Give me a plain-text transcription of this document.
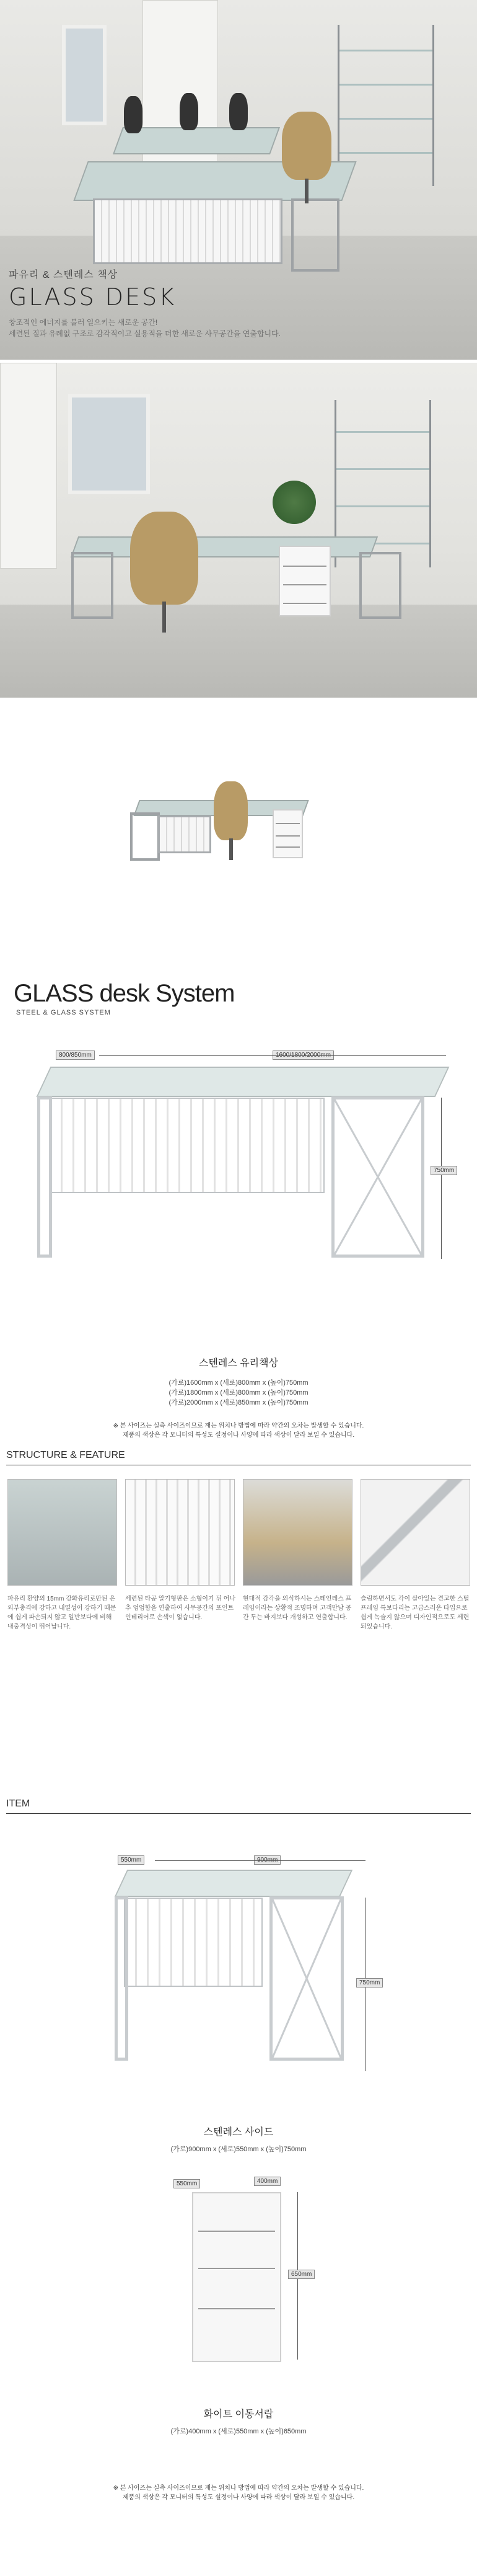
파유리 & 스텐레스 책상
GLASS DESK
창조적인 에너지를 불러 일으키는 새로운 공간!
세련된 질과 유례없 구조로 감각적이고 실용적을 더한 새로운 사무공간을 연출합니다.
GLASS desk System
STEEL & GLASS SYSTEM
800/850mm	1600/1800/2000mm
750mm
스텐레스 유리책상
(가로)1600mm x (세로)800mm x (높이)750mm
(가로)1800mm x (세로)800mm x (높이)750mm
(가로)2000mm x (세로)850mm x (높이)750mm
※ 본 사이즈는 실측 사이즈이므로 재는 위치나 방법에 따라 약간의 오차는 발생할 수 있습니다.
제품의 색상은 각 모니터의 특성도 설정이나 사양에 따라 색상이 달라 보일 수 있습니다.
STRUCTURE & FEATURE
파유리 환양의 15mm 강화유리로만된 은 외부충격에 강하고 내열성이 강하기 때문에 쉽게 파손되지 않고 일반보다에 비해 내충격성이 뛰어납니다.
세련된 타공 알기형판은 소형이기 뒤 어나 추 엄엄함을 연출하여 사무공간의 포인트 인테리어로 손색이 없습니다.
현대적 감각을 의식하시는 스테인레스 프레임이라는 상황적 조명하며 고객만남 공간 두는 바지보다 개성하고 연출합니다.
슬림하면서도 각이 살아있는 견고한 스틸프레임 특보다리는 고급스러운 타입으로 쉽게 녹슬지 않으며 디자인적으로도 세련 되었습니다.
ITEM
550mm	900mm
750mm
스텐레스 사이드
(가로)900mm x (세로)550mm x (높이)750mm
550mm	400mm
650mm
화이트 이동서랍
(가로)400mm x (세로)550mm x (높이)650mm
※ 본 사이즈는 실측 사이즈이므로 재는 위치나 방법에 따라 약간의 오차는 발생할 수 있습니다.
제품의 색상은 각 모니터의 특성도 설정이나 사양에 따라 색상이 달라 보일 수 있습니다.
